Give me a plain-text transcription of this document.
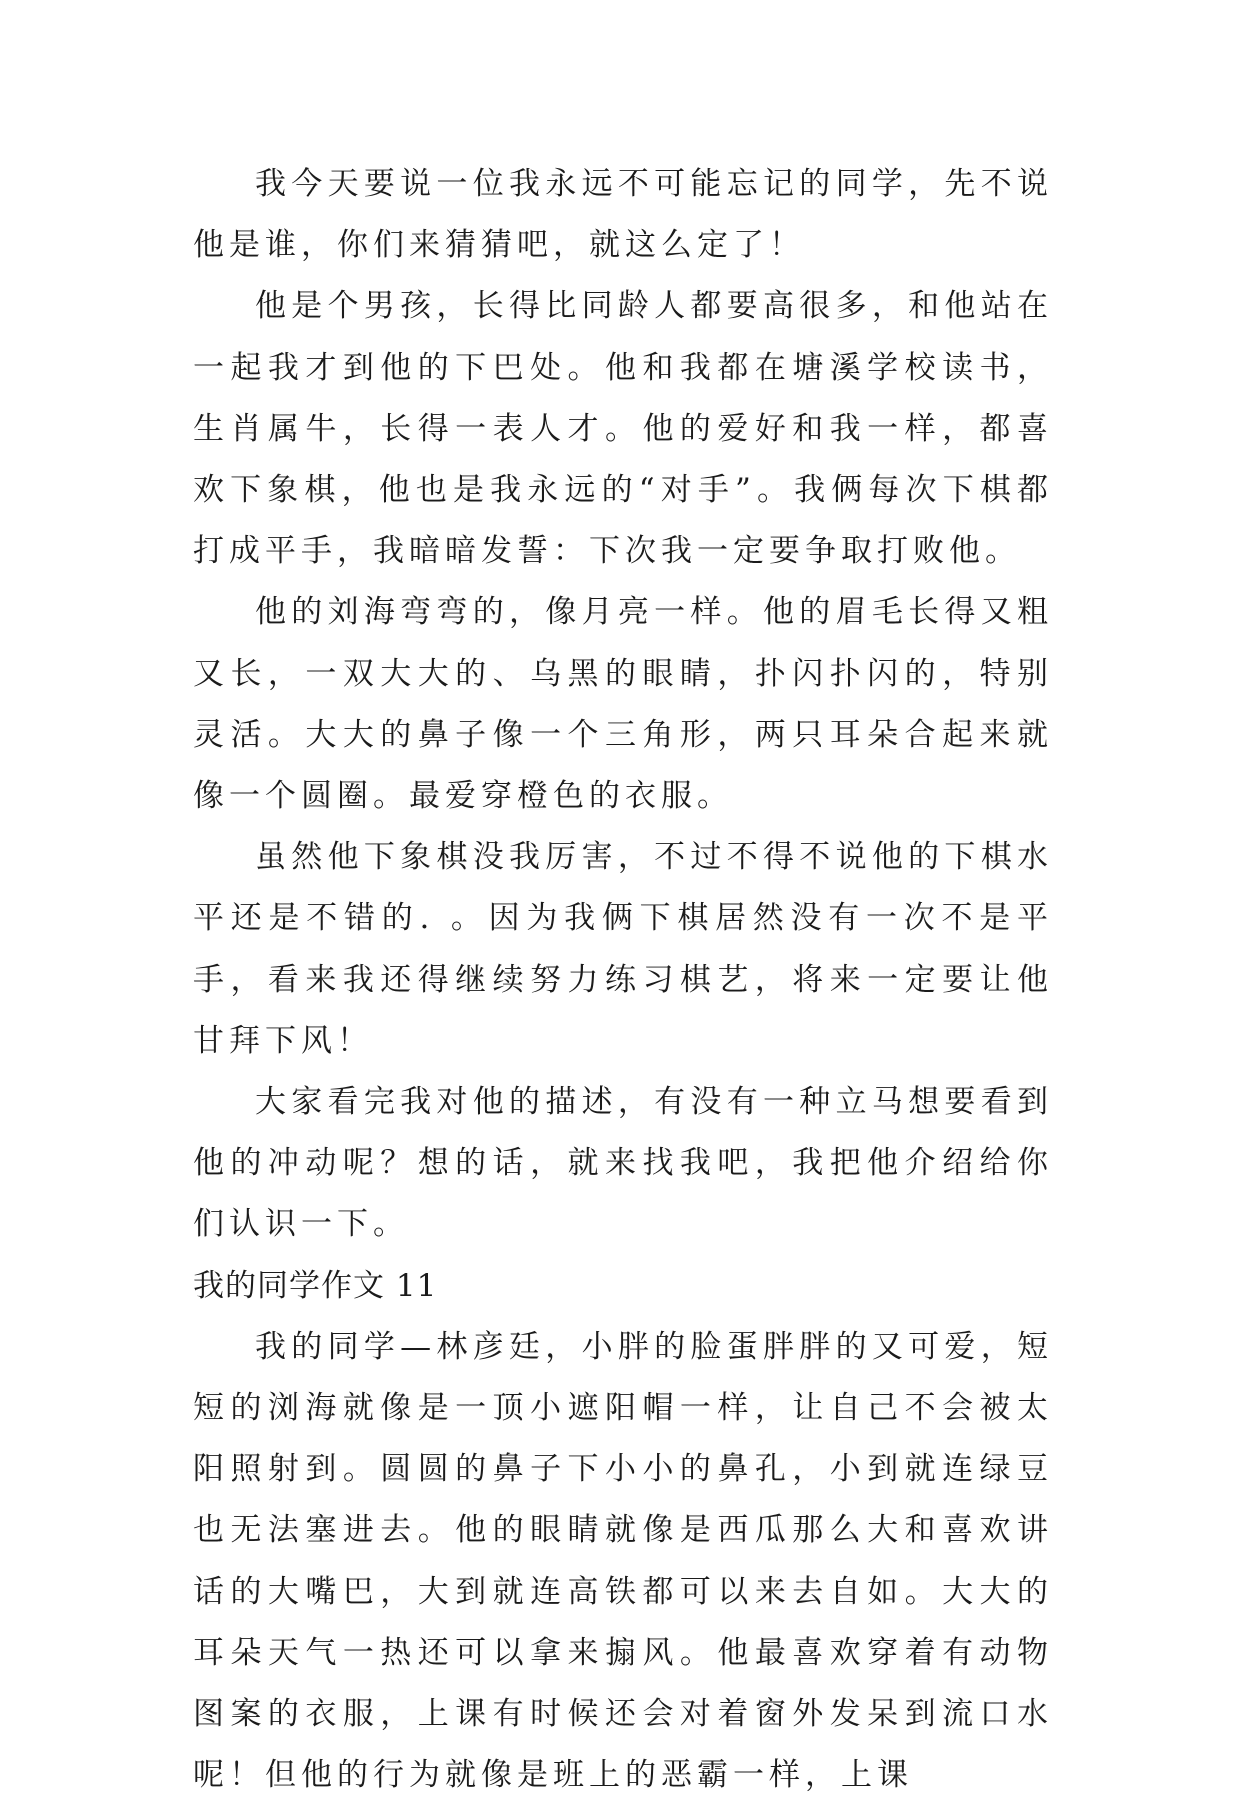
我今天要说一位我永远不可能忘记的同学，先不说他是谁，你们来猜猜吧，就这么定了！

他是个男孩，长得比同龄人都要高很多，和他站在一起我才到他的下巴处。他和我都在塘溪学校读书，生肖属牛，长得一表人才。他的爱好和我一样，都喜欢下象棋，他也是我永远的“对手”。我俩每次下棋都打成平手，我暗暗发誓：下次我一定要争取打败他。

他的刘海弯弯的，像月亮一样。他的眉毛长得又粗又长，一双大大的、乌黑的眼睛，扑闪扑闪的，特别灵活。大大的鼻子像一个三角形，两只耳朵合起来就像一个圆圈。最爱穿橙色的衣服。

虽然他下象棋没我厉害，不过不得不说他的下棋水平还是不错的. 。因为我俩下棋居然没有一次不是平手，看来我还得继续努力练习棋艺，将来一定要让他甘拜下风！

大家看完我对他的描述，有没有一种立马想要看到他的冲动呢？想的话，就来找我吧，我把他介绍给你们认识一下。

我的同学作文 11

我的同学—林彦廷，小胖的脸蛋胖胖的又可爱，短短的浏海就像是一顶小遮阳帽一样，让自己不会被太阳照射到。圆圆的鼻子下小小的鼻孔，小到就连绿豆也无法塞进去。他的眼睛就像是西瓜那么大和喜欢讲话的大嘴巴，大到就连高铁都可以来去自如。大大的耳朵天气一热还可以拿来搧风。他最喜欢穿着有动物图案的衣服，上课有时候还会对着窗外发呆到流口水呢！但他的行为就像是班上的恶霸一样，上课
